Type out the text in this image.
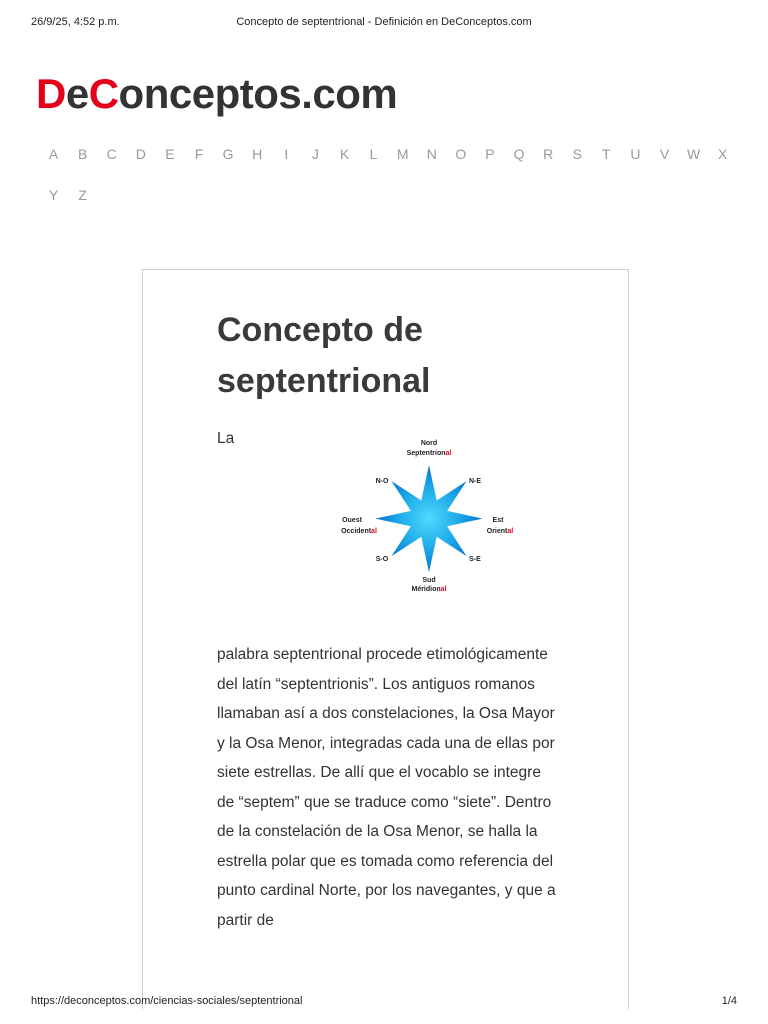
26/9/25, 4:52 p.m.	Concepto de septentrional - Definición en DeConceptos.com
DeConceptos.com
A B C D E F G H I J K L M N O P Q R S T U V W X
Y Z
Concepto de septentrional
La	Nord
Septentrional
Sud
Méridional
Est
Oriental
Ouest
Occidental
N-E
N-O
S-E
S-O

palabra septentrional procede etimológicamente del latín “septentrionis”. Los antiguos romanos llamaban así a dos constelaciones, la Osa Mayor y la Osa Menor, integradas cada una de ellas por siete estrellas. De allí que el vocablo se integre de “septem” que se traduce como “siete”. Dentro de la constelación de la Osa Menor, se halla la estrella polar que es tomada como referencia del punto cardinal Norte, por los navegantes, y que a partir de

https://deconceptos.com/ciencias-sociales/septentrional	1/4
